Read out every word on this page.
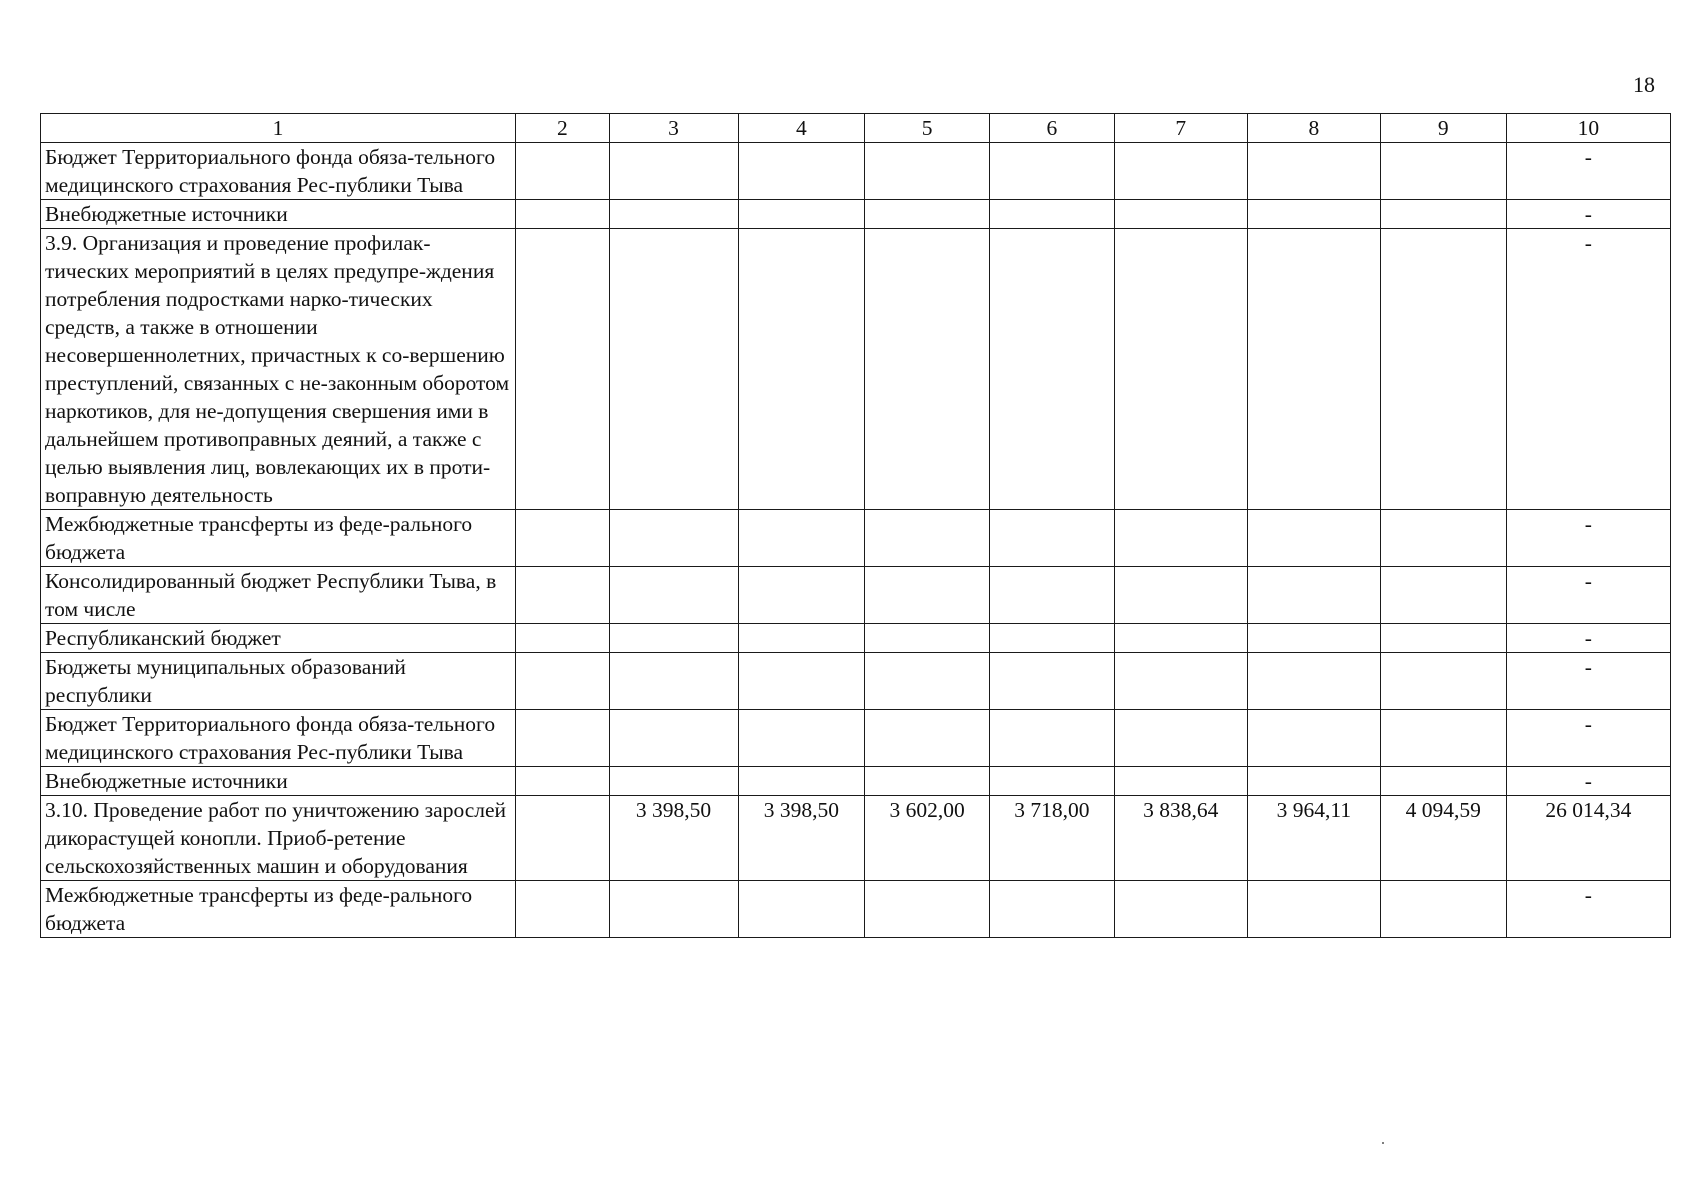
18
1	2	3	4	5	6	7	8	9	10
Бюджет Территориального фонда обяза-тельного медицинского страхования Рес-публики Тыва									-
Внебюджетные источники									-
3.9. Организация и проведение профилак-тических мероприятий в целях предупре-ждения потребления подростками нарко-тических средств, а также в отношении несовершеннолетних, причастных к со-вершению преступлений, связанных с не-законным оборотом наркотиков, для не-допущения свершения ими в дальнейшем противоправных деяний, а также с целью выявления лиц, вовлекающих их в проти-воправную деятельность									-
Межбюджетные трансферты из феде-рального бюджета									-
Консолидированный бюджет Республики Тыва, в том числе									-
Республиканский бюджет									-
Бюджеты муниципальных образований республики									-
Бюджет Территориального фонда обяза-тельного медицинского страхования Рес-публики Тыва									-
Внебюджетные источники									-
3.10. Проведение работ по уничтожению зарослей дикорастущей конопли. Приоб-ретение сельскохозяйственных машин и оборудования		3 398,50	3 398,50	3 602,00	3 718,00	3 838,64	3 964,11	4 094,59	26 014,34
Межбюджетные трансферты из феде-рального бюджета									-
